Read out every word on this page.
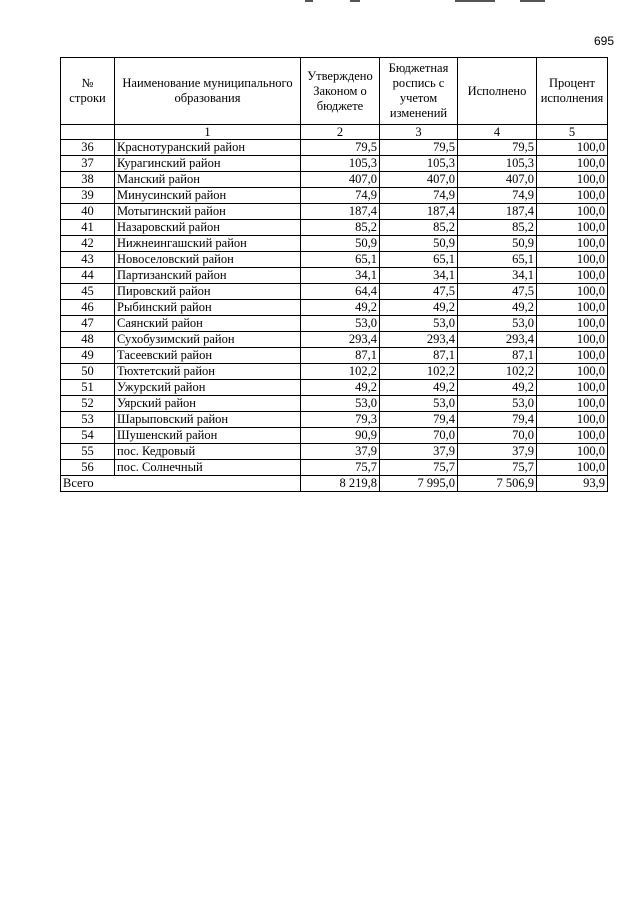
695
№ строки	Наименование муниципального образования	Утверждено Законом о бюджете	Бюджетная роспись с учетом изменений	Исполнено	Процент исполнения
	1	2	3	4	5
36	Краснотуранский район	79,5	79,5	79,5	100,0
37	Курагинский район	105,3	105,3	105,3	100,0
38	Манский район	407,0	407,0	407,0	100,0
39	Минусинский район	74,9	74,9	74,9	100,0
40	Мотыгинский район	187,4	187,4	187,4	100,0
41	Назаровский район	85,2	85,2	85,2	100,0
42	Нижнеингашский район	50,9	50,9	50,9	100,0
43	Новоселовский район	65,1	65,1	65,1	100,0
44	Партизанский район	34,1	34,1	34,1	100,0
45	Пировский район	64,4	47,5	47,5	100,0
46	Рыбинский район	49,2	49,2	49,2	100,0
47	Саянский район	53,0	53,0	53,0	100,0
48	Сухобузимский район	293,4	293,4	293,4	100,0
49	Тасеевский район	87,1	87,1	87,1	100,0
50	Тюхтетский район	102,2	102,2	102,2	100,0
51	Ужурский район	49,2	49,2	49,2	100,0
52	Уярский район	53,0	53,0	53,0	100,0
53	Шарыповский район	79,3	79,4	79,4	100,0
54	Шушенский район	90,9	70,0	70,0	100,0
55	пос. Кедровый	37,9	37,9	37,9	100,0
56	пос. Солнечный	75,7	75,7	75,7	100,0
Всего		8 219,8	7 995,0	7 506,9	93,9
